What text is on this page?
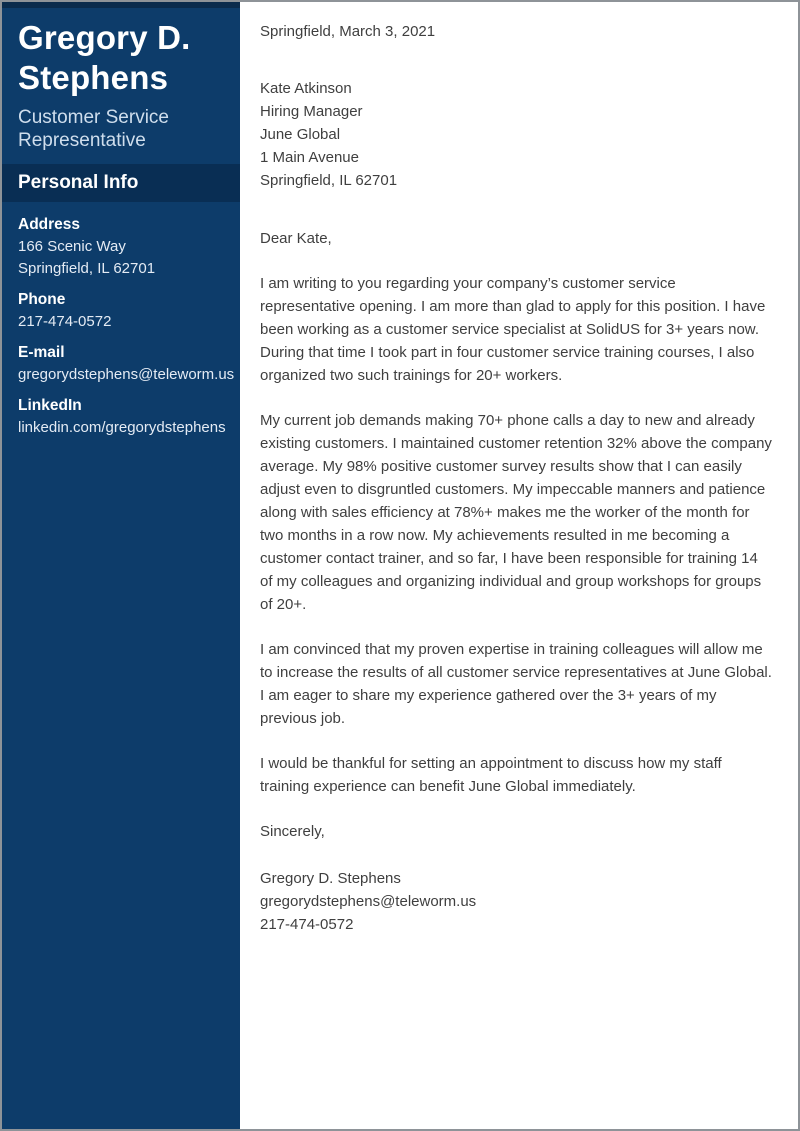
Gregory D.
Stephens
Customer Service
Representative
Personal Info
Address
166 Scenic Way
Springfield, IL 62701
Phone
217-474-0572
E-mail
gregorydstephens@teleworm.us
LinkedIn
linkedin.com/gregorydstephens
Springfield, March 3, 2021
Kate Atkinson
Hiring Manager
June Global
1 Main Avenue
Springfield, IL 62701
Dear Kate,

I am writing to you regarding your company’s customer service representative opening. I am more than glad to apply for this position. I have been working as a customer service specialist at SolidUS for 3+ years now. During that time I took part in four customer service training courses, I also organized two such trainings for 20+ workers.

My current job demands making 70+ phone calls a day to new and already existing customers. I maintained customer retention 32% above the company average. My 98% positive customer survey results show that I can easily adjust even to disgruntled customers. My impeccable manners and patience along with sales efficiency at 78%+ makes me the worker of the month for two months in a row now. My achievements resulted in me becoming a customer contact trainer, and so far, I have been responsible for training 14 of my colleagues and organizing individual and group workshops for groups of 20+.

I am convinced that my proven expertise in training colleagues will allow me to increase the results of all customer service representatives at June Global. I am eager to share my experience gathered over the 3+ years of my previous job.

I would be thankful for setting an appointment to discuss how my staff training experience can benefit June Global immediately.

Sincerely,
Gregory D. Stephens
gregorydstephens@teleworm.us
217-474-0572
